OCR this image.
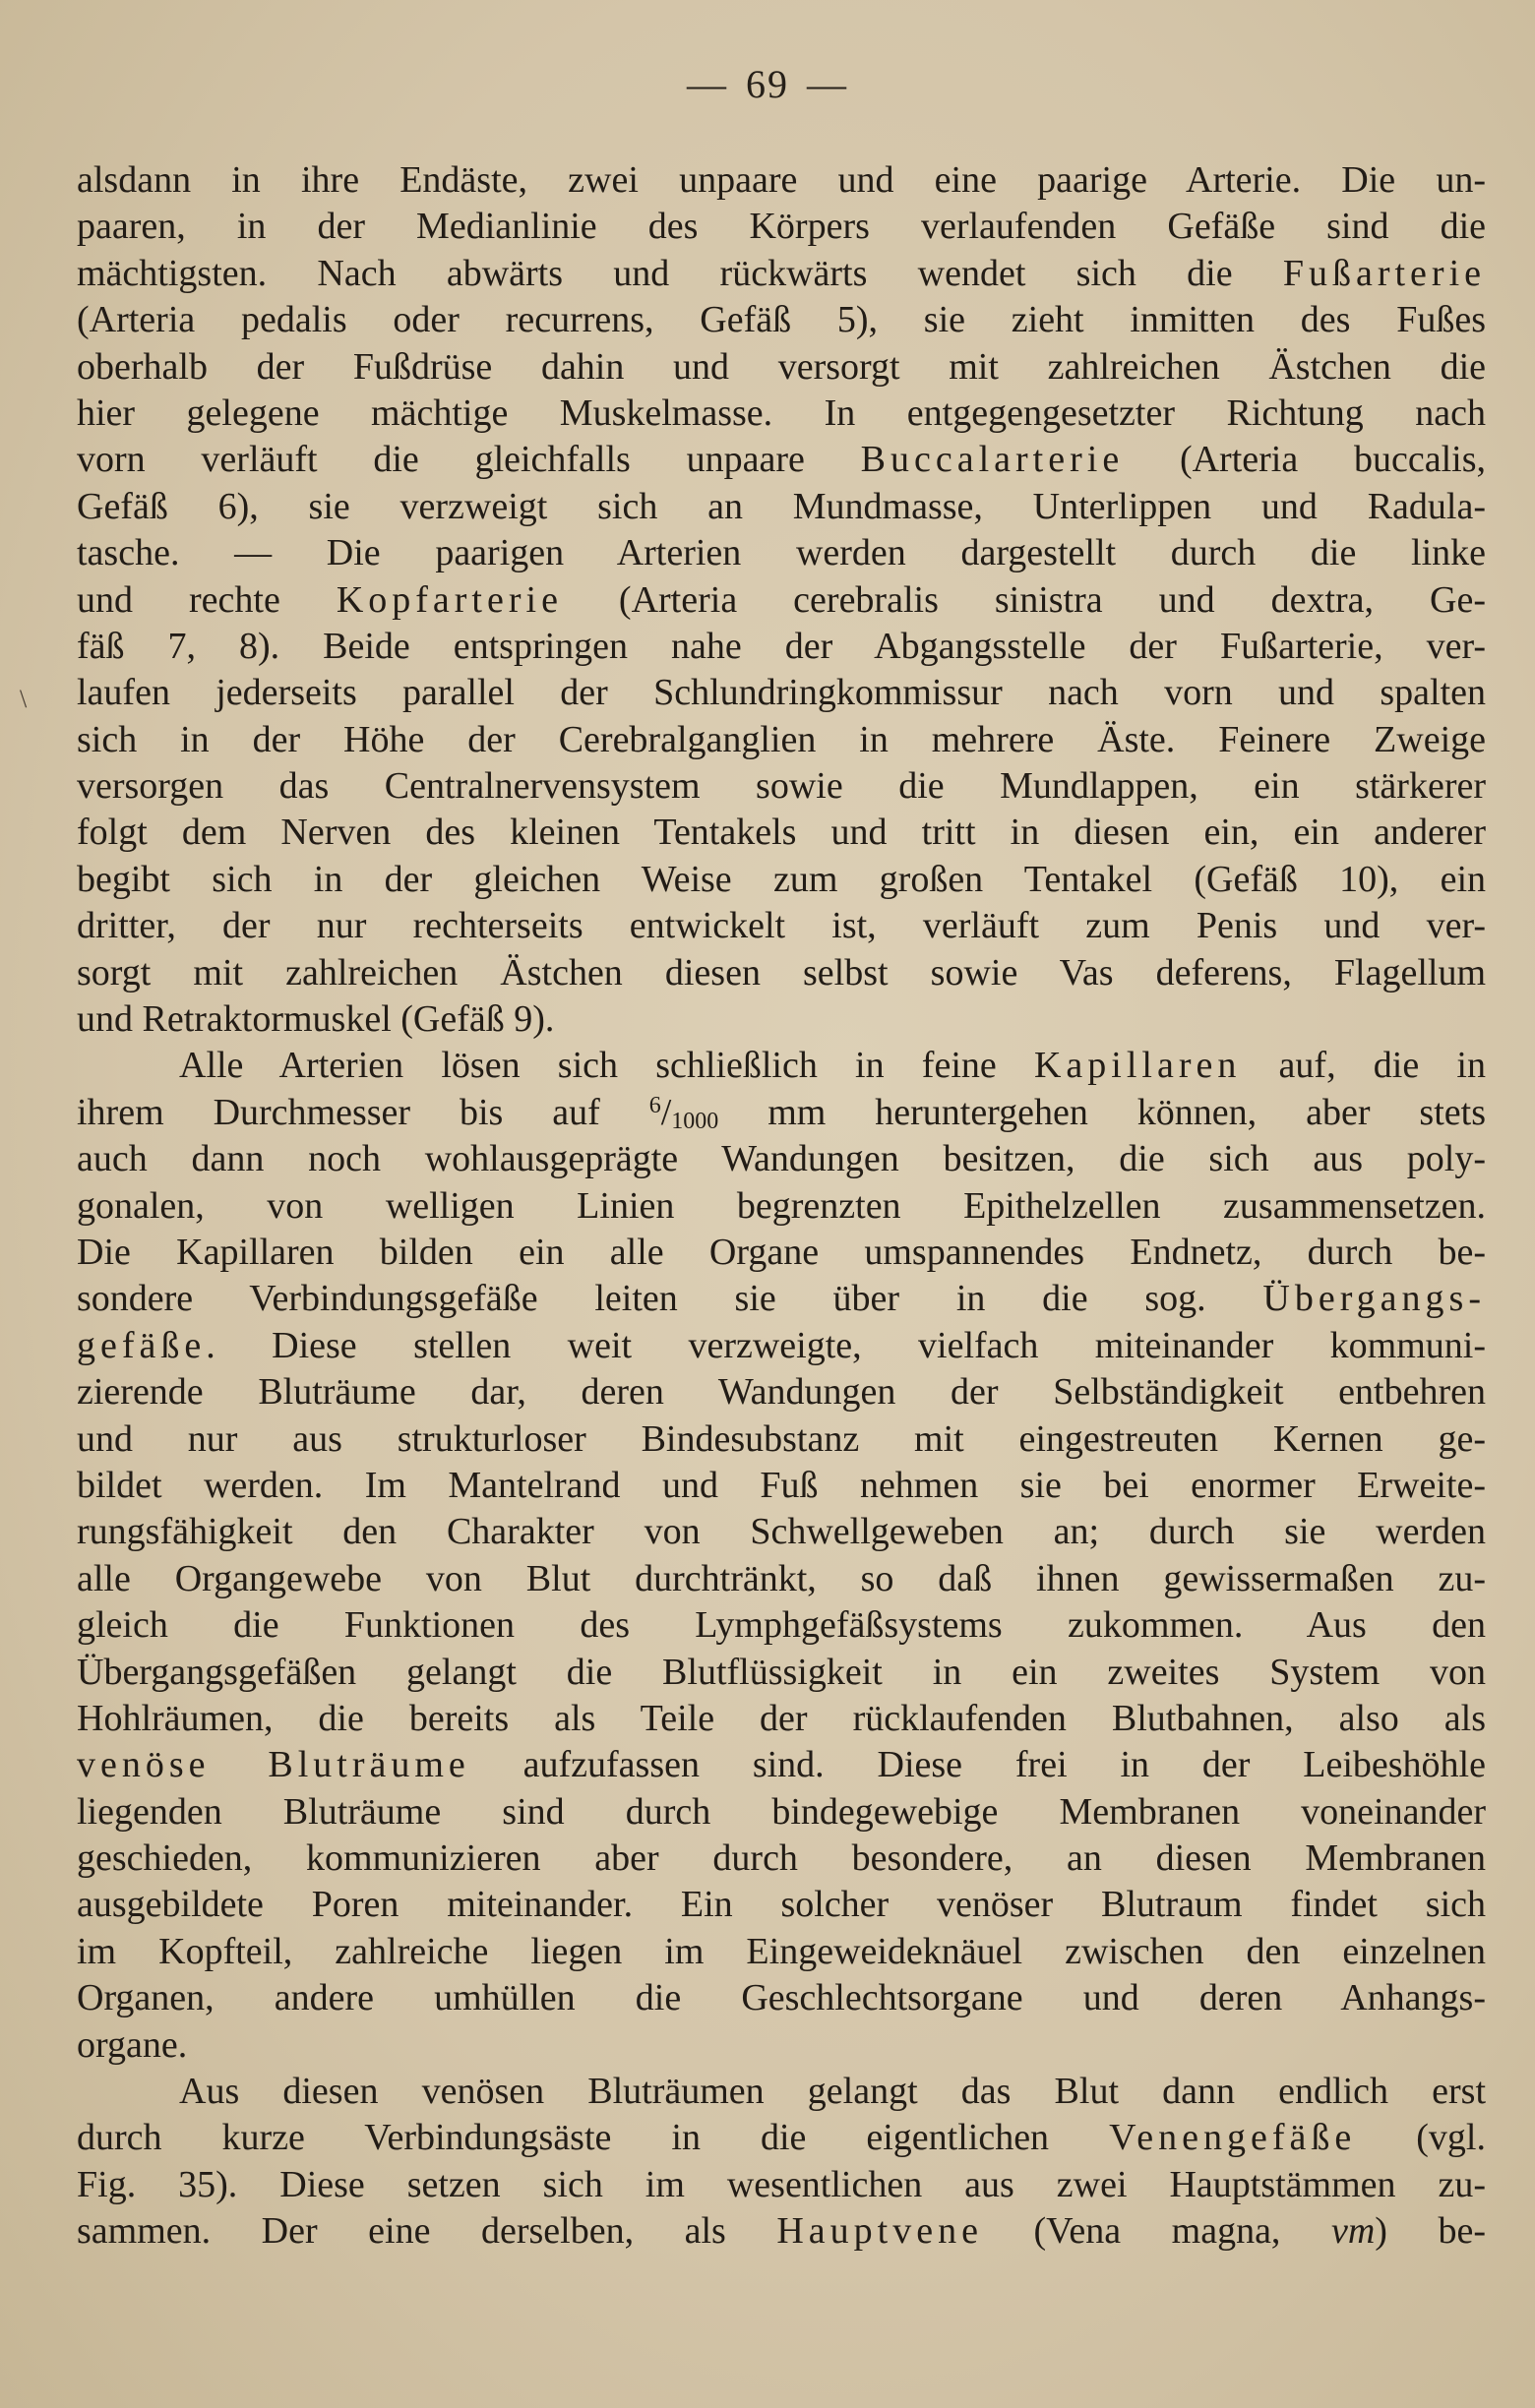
— 69 —
\
alsdann in ihre Endäste, zwei unpaare und eine paarige Arterie. Die un-
paaren, in der Medianlinie des Körpers verlaufenden Gefäße sind die
mächtigsten. Nach abwärts und rückwärts wendet sich die Fußarterie
(Arteria pedalis oder recurrens, Gefäß 5), sie zieht inmitten des Fußes
oberhalb der Fußdrüse dahin und versorgt mit zahlreichen Ästchen die
hier gelegene mächtige Muskelmasse. In entgegengesetzter Richtung nach
vorn verläuft die gleichfalls unpaare Buccalarterie (Arteria buccalis,
Gefäß 6), sie verzweigt sich an Mundmasse, Unterlippen und Radula-
tasche. — Die paarigen Arterien werden dargestellt durch die linke
und rechte Kopfarterie (Arteria cerebralis sinistra und dextra, Ge-
fäß 7, 8). Beide entspringen nahe der Abgangsstelle der Fußarterie, ver-
laufen jederseits parallel der Schlundringkommissur nach vorn und spalten
sich in der Höhe der Cerebralganglien in mehrere Äste. Feinere Zweige
versorgen das Centralnervensystem sowie die Mundlappen, ein stärkerer
folgt dem Nerven des kleinen Tentakels und tritt in diesen ein, ein anderer
begibt sich in der gleichen Weise zum großen Tentakel (Gefäß 10), ein
dritter, der nur rechterseits entwickelt ist, verläuft zum Penis und ver-
sorgt mit zahlreichen Ästchen diesen selbst sowie Vas deferens, Flagellum
und Retraktormuskel (Gefäß 9).
Alle Arterien lösen sich schließlich in feine Kapillaren auf, die in
ihrem Durchmesser bis auf $^6/_{1000}$ mm heruntergehen können, aber stets
auch dann noch wohlausgeprägte Wandungen besitzen, die sich aus poly-
gonalen, von welligen Linien begrenzten Epithelzellen zusammensetzen.
Die Kapillaren bilden ein alle Organe umspannendes Endnetz, durch be-
sondere Verbindungsgefäße leiten sie über in die sog. Übergangs-
gefäße. Diese stellen weit verzweigte, vielfach miteinander kommuni-
zierende Bluträume dar, deren Wandungen der Selbständigkeit entbehren
und nur aus strukturloser Bindesubstanz mit eingestreuten Kernen ge-
bildet werden. Im Mantelrand und Fuß nehmen sie bei enormer Erweite-
rungsfähigkeit den Charakter von Schwellgeweben an; durch sie werden
alle Organgewebe von Blut durchtränkt, so daß ihnen gewissermaßen zu-
gleich die Funktionen des Lymphgefäßsystems zukommen. Aus den
Übergangsgefäßen gelangt die Blutflüssigkeit in ein zweites System von
Hohlräumen, die bereits als Teile der rücklaufenden Blutbahnen, also als
venöse Bluträume aufzufassen sind. Diese frei in der Leibeshöhle
liegenden Bluträume sind durch bindegewebige Membranen voneinander
geschieden, kommunizieren aber durch besondere, an diesen Membranen
ausgebildete Poren miteinander. Ein solcher venöser Blutraum findet sich
im Kopfteil, zahlreiche liegen im Eingeweideknäuel zwischen den einzelnen
Organen, andere umhüllen die Geschlechtsorgane und deren Anhangs-
organe.
Aus diesen venösen Bluträumen gelangt das Blut dann endlich erst
durch kurze Verbindungsäste in die eigentlichen Venengefäße (vgl.
Fig. 35). Diese setzen sich im wesentlichen aus zwei Hauptstämmen zu-
sammen. Der eine derselben, als Hauptvene (Vena magna, vm) be-
